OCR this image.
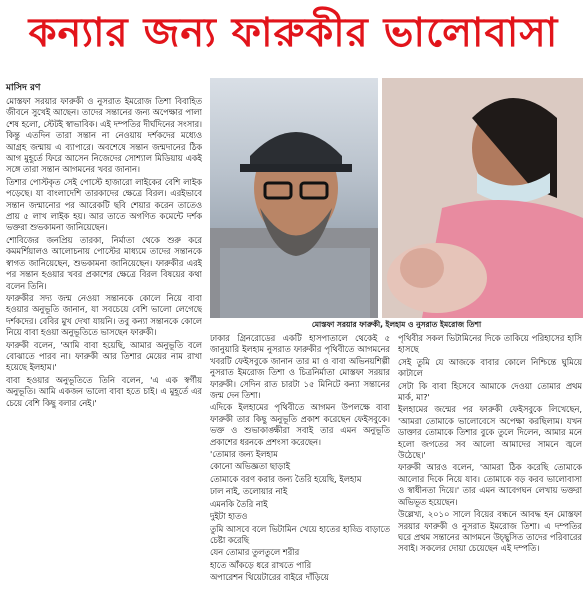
কন্যার জন্য ফারুকীর ভালোবাসা
মাসিদ রণ

মোস্তফা সরয়ার ফারুকী ও নুসরাত ইমরোজ তিশা বিবাহিত জীবনে সুখেই আছেন। তাদের সন্তানের জন্য অপেক্ষার পালা শেষ হলো, স্টেটই স্বাভাবিক। এই দম্পতির দীর্ঘদিনের সংসার। কিন্তু এতদিন তারা সন্তান না নেওয়ায় দর্শকদের মধ্যেও আগ্রহ জন্মায় এ ব্যাপারে। অবশেষে সন্তান জন্মদানের ঠিক আগ মুহূর্তে ফিরে আসেন নিজেদের সোশ্যাল মিডিয়ায় একই সঙ্গে তারা সন্তান আগমনের খবর জানান।

তিশার পোস্টকৃত সেই পোস্টে হাজারো লাইকের বেশি লাইক পড়েছে। যা বাংলাদেশি তারকাদের ক্ষেত্রে বিরল। এরইভাবে সন্তান জন্মানোর পর আরেকটি ছবি শেয়ার করেন তাতেও প্রায় ৫ লাখ লাইক হয়। আর তাতে অগণিত কমেন্টে দর্শক ভক্তরা শুভকামনা জানিয়েছেন।

শোবিজের জনপ্রিয় তারকা, নির্মাতা থেকে শুরু করে কমমর্শিয়ালও আলোচনায় পোস্টের মাধ্যমে তাদের সন্তানকে স্বাগত জানিয়েছেন, শুভকামনা জানিয়েছেন। ফারুকীর এরই পর সন্তান হওয়ার খবর প্রকাশের ক্ষেত্রে বিরল বিষয়ের কথা বলেন তিনি।

ফারুকীর সদ্য জন্ম নেওয়া সন্তানকে কোলে নিয়ে বাবা হওয়ার অনুভূতি জানান, যা সবচেয়ে বেশি ভালো লেগেছে দর্শকদের। বেবির মুখ দেখা যায়নি। তবু কন্যা সন্তানকে কোলে নিয়ে বাবা হওয়া অনুভূতিতে ভাসছেন ফারুকী।

ফারুকী বলেন, 'আমি বাবা হয়েছি, আমার অনুভূতি বলে বোঝাতে পারব না। ফারুকী আর তিশার মেয়ের নাম রাখা হয়েছে ইলহাম।'

বাবা হওয়ার অনুভূতিতে তিনি বলেন, 'এ এক স্বর্গীয় অনুভূতি। আমি একজন ভালো বাবা হতে চাই। এ মুহূর্তে এর চেয়ে বেশি কিছু বলার নেই।'

মোস্তফা সরয়ার ফারুকী, ইলহাম ও নুসরাত ইমরোজ তিশা

ঢাকার গ্রিনরোডের একটি হাসপাতালে থেকেই ৫ জানুয়ারি ইলহাম নুসরাত ফারুকীর পৃথিবীতে আগমনের খবরটি ফেইসবুকে জানান তার মা ও বাবা অভিনয়শিল্পী নুসরাত ইমরোজ তিশা ও চিত্রনির্মাতা মোস্তফা সরয়ার ফারুকী। সেদিন রাত চারটা ১৫ মিনিটে কন্যা সন্তানের জন্ম দেন তিশা।

এদিকে ইলহামের পৃথিবীতে আগমন উপলক্ষে বাবা ফারুকী তার কিছু অনুভূতি প্রকাশ করেছেন ফেইসবুকে। ভক্ত ও শুভাকাঙ্ক্ষীরা সবাই তার এমন অনুভূতি প্রকাশের ধরনকে প্রশংসা করেছেন।

'তোমার জন্য ইলহাম

কোনো অভিজ্ঞতা ছাড়াই

তোমাকে বরণ করার জন্য তৈরি হয়েছি, ইলহাম

ঢাল নাই, তলোয়ার নাই

এমনকি তৈরি নাই

দুইটা হাতও

তুমি আসবে বলে ভিটামিন খেয়ে হাতের হাড্ডি বাড়াতে চেষ্টা করেছি

যেন তোমার তুলতুলে শরীর

হাতে আঁকড়ে ধরে রাখতে পারি

অপারেশন থিয়েটারের বাইরে দাঁড়িয়ে

পৃথিবীর সকল ভিটামিনের দিকে তাকিয়ে পরিহাসের হাসি হাসছে

সেই তুমি যে আজকে বাবার কোলে নিশ্চিন্তে ঘুমিয়ে কাটালে

সেটা কি বাবা হিসেবে আমাকে দেওয়া তোমার প্রথম মার্ক, মা?'

ইলহামের জন্মের পর ফারুকী ফেইসবুকে লিখেছেন, 'আমরা তোমাকে ভালোবেসে অপেক্ষা করছিলাম। যখন ডাক্তার তোমাকে তিশার বুকে তুলে দিলেন, আমার মনে হলো জগতের সব আলো আমাদের সামনে জ্বলে উঠেছে।'

ফারুকী আরও বলেন, 'আমরা ঠিক করেছি তোমাকে আলোর দিকে নিয়ে যাব। তোমাকে বড় করব ভালোবাসা ও স্বাধীনতা দিয়ে।' তার এমন আবেগঘন লেখায় ভক্তরা অভিভূত হয়েছেন।

উল্লেখ্য, ২০১০ সালে বিয়ের বন্ধনে আবদ্ধ হন মোস্তফা সরয়ার ফারুকী ও নুসরাত ইমরোজ তিশা। এ দম্পতির ঘরে প্রথম সন্তানের আগমনে উচ্ছ্বসিত তাদের পরিবারের সবাই। সকলের দোয়া চেয়েছেন এই দম্পতি।
